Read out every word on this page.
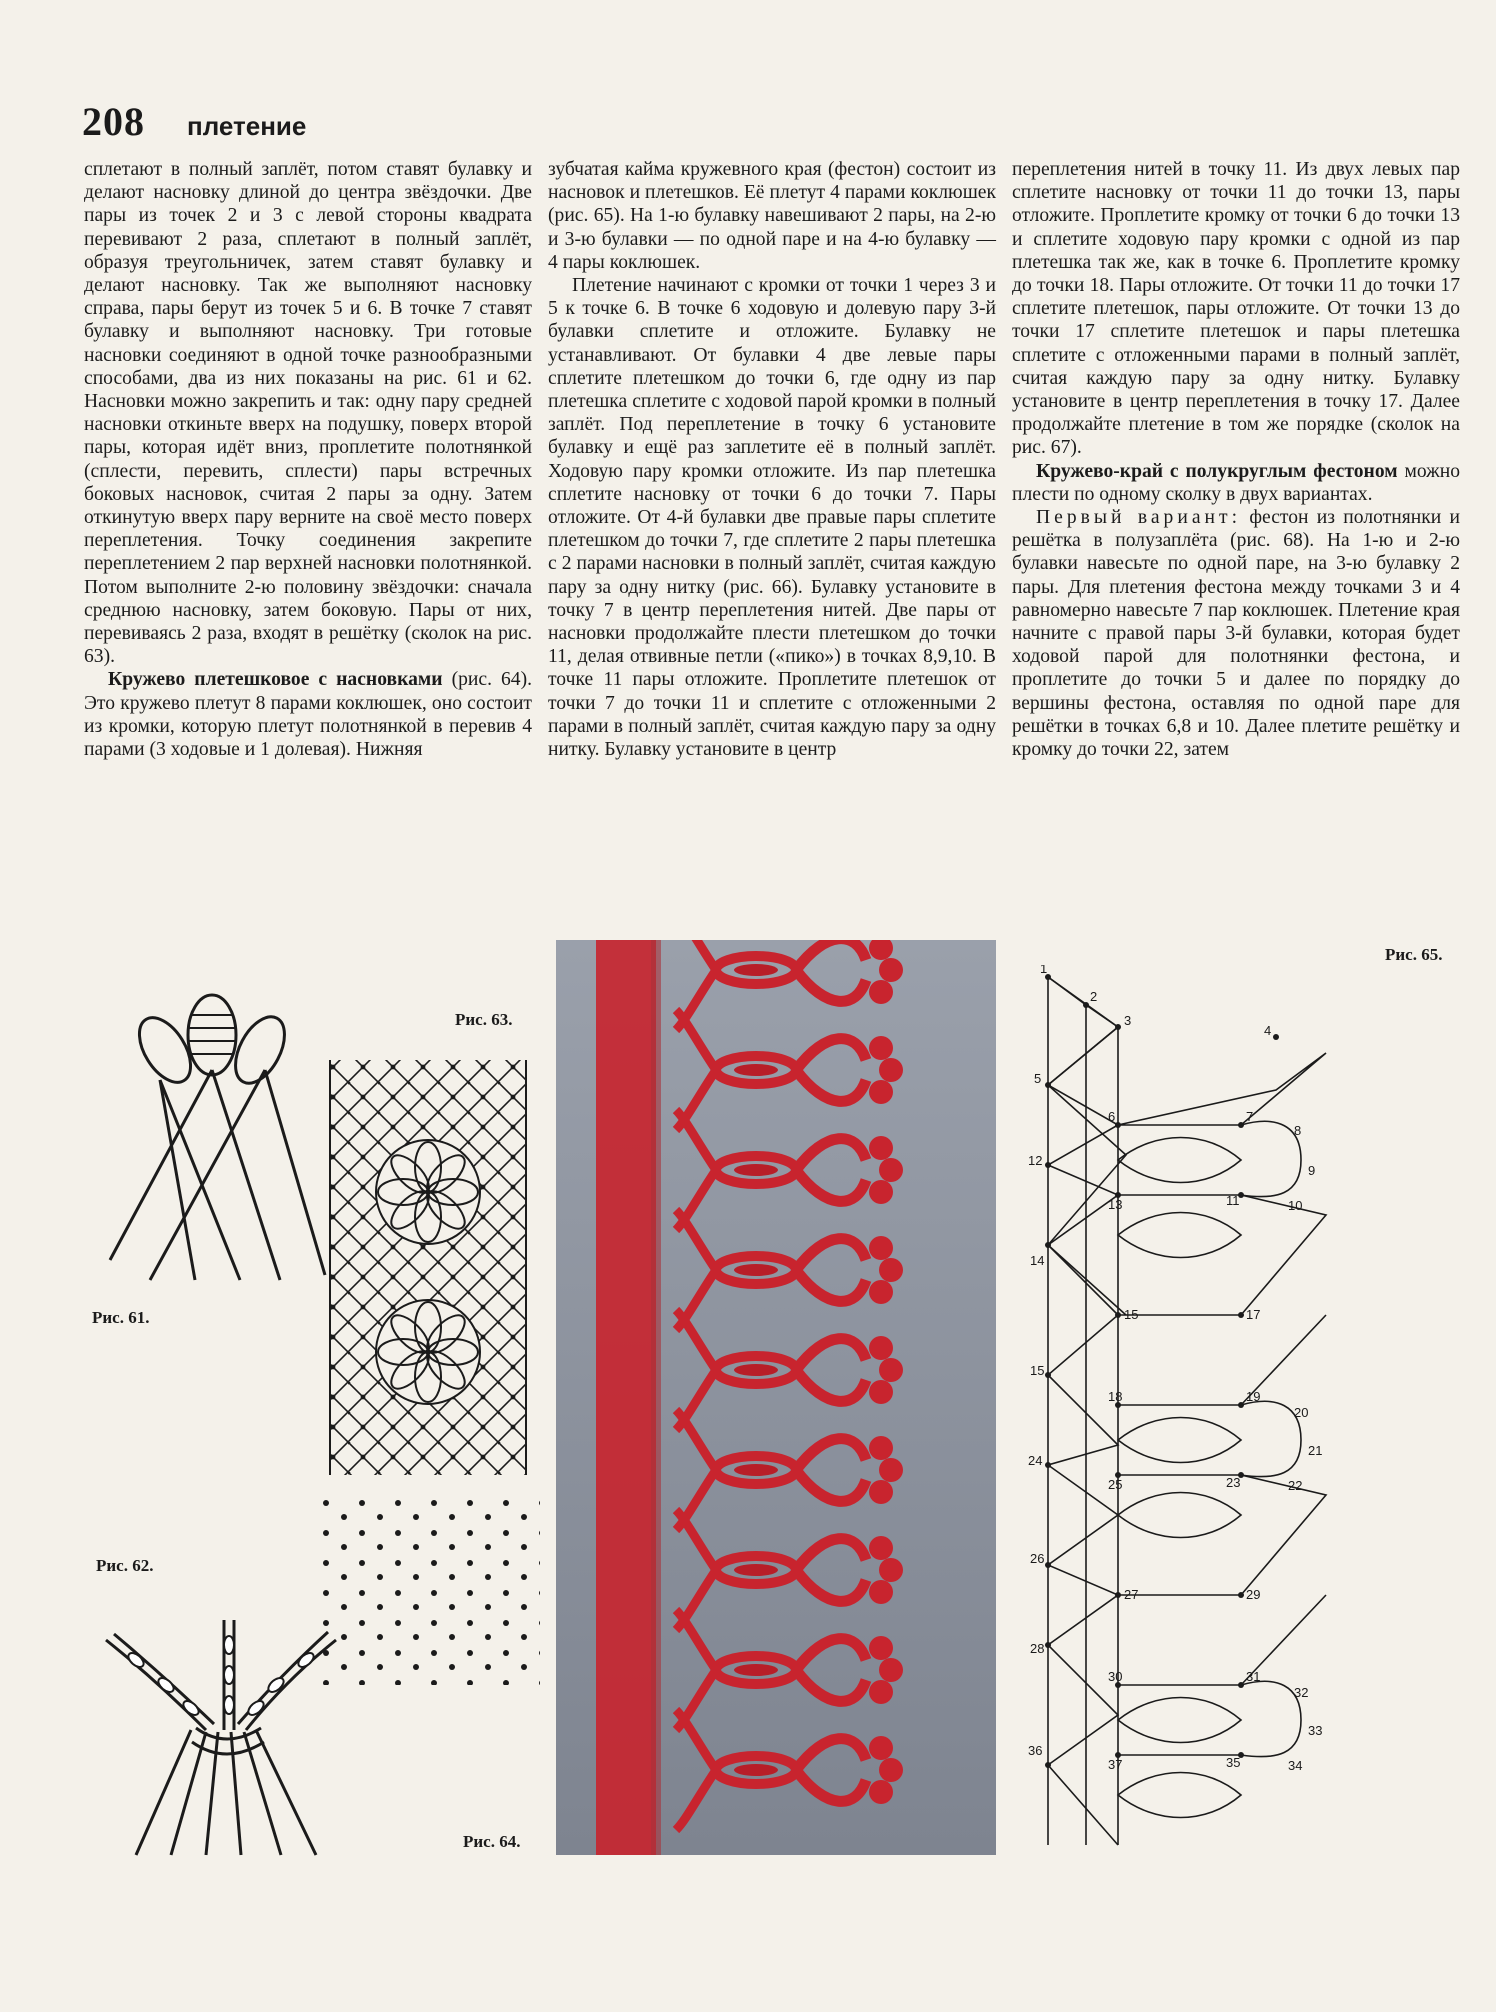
208 плетение

сплетают в полный заплёт, потом ставят булавку и делают насновку длиной до центра звёздочки. Две пары из точек 2 и 3 с левой стороны квадрата перевивают 2 раза, сплетают в полный заплёт, образуя треугольничек, затем ставят булавку и делают насновку. Так же выполняют насновку справа, пары берут из точек 5 и 6. В точке 7 ставят булавку и выполняют насновку. Три готовые насновки соединяют в одной точке разнообразными способами, два из них показаны на рис. 61 и 62. Насновки можно закрепить и так: одну пару средней насновки откиньте вверх на подушку, поверх второй пары, которая идёт вниз, проплетите полотнянкой (сплести, перевить, сплести) пары встречных боковых насновок, считая 2 пары за одну. Затем откинутую вверх пару верните на своё место поверх переплетения. Точку соединения закрепите переплетением 2 пар верхней насновки полотнянкой. Потом выполните 2-ю половину звёздочки: сначала среднюю насновку, затем боковую. Пары от них, перевиваясь 2 раза, входят в решётку (сколок на рис. 63).

Кружево плетешковое с насновками (рис. 64). Это кружево плетут 8 парами коклюшек, оно состоит из кромки, которую плетут полотнянкой в перевив 4 парами (3 ходовые и 1 долевая). Нижняя

зубчатая кайма кружевного края (фестон) состоит из насновок и плетешков. Её плетут 4 парами коклюшек (рис. 65). На 1-ю булавку навешивают 2 пары, на 2-ю и 3-ю булавки — по одной паре и на 4-ю булавку — 4 пары коклюшек.

Плетение начинают с кромки от точки 1 через 3 и 5 к точке 6. В точке 6 ходовую и долевую пару 3-й булавки сплетите и отложите. Булавку не устанавливают. От булавки 4 две левые пары сплетите плетешком до точки 6, где одну из пар плетешка сплетите с ходовой парой кромки в полный заплёт. Под переплетение в точку 6 установите булавку и ещё раз заплетите её в полный заплёт. Ходовую пару кромки отложите. Из пар плетешка сплетите насновку от точки 6 до точки 7. Пары отложите. От 4-й булавки две правые пары сплетите плетешком до точки 7, где сплетите 2 пары плетешка с 2 парами насновки в полный заплёт, считая каждую пару за одну нитку (рис. 66). Булавку установите в точку 7 в центр переплетения нитей. Две пары от насновки продолжайте плести плетешком до точки 11, делая отвивные петли («пико») в точках 8,9,10. В точке 11 пары отложите. Проплетите плетешок от точки 7 до точки 11 и сплетите с отложенными 2 парами в полный заплёт, считая каждую пару за одну нитку. Булавку установите в центр

переплетения нитей в точку 11. Из двух левых пар сплетите насновку от точки 11 до точки 13, пары отложите. Проплетите кромку от точки 6 до точки 13 и сплетите ходовую пару кромки с одной из пар плетешка так же, как в точке 6. Проплетите кромку до точки 18. Пары отложите. От точки 11 до точки 17 сплетите плетешок, пары отложите. От точки 13 до точки 17 сплетите плетешок и пары плетешка сплетите с отложенными парами в полный заплёт, считая каждую пару за одну нитку. Булавку установите в центр переплетения в точку 17. Далее продолжайте плетение в том же порядке (сколок на рис. 67).

Кружево-край с полукруглым фестоном можно плести по одному сколку в двух вариантах.

Первый вариант: фестон из полотнянки и решётка в полузаплёта (рис. 68). На 1-ю и 2-ю булавки навесьте по одной паре, на 3-ю булавку 2 пары. Для плетения фестона между точками 3 и 4 равномерно навесьте 7 пар коклюшек. Плетение края начните с правой пары 3-й булавки, которая будет ходовой парой для полотнянки фестона, и проплетите до точки 5 и далее по порядку до вершины фестона, оставляя по одной паре для решётки в точках 6,8 и 10. Далее плетите решётку и кромку до точки 22, затем

Рис. 61.
Рис. 62.
Рис. 63.
Рис. 64.
1
2
3
4
5
6	7
8
9
10
11
12
13
14
15
15
17
18	19
20
21
22
23
24
25
26
27
28
29
30	31
32
33
34
35
36
37
Рис. 65.
